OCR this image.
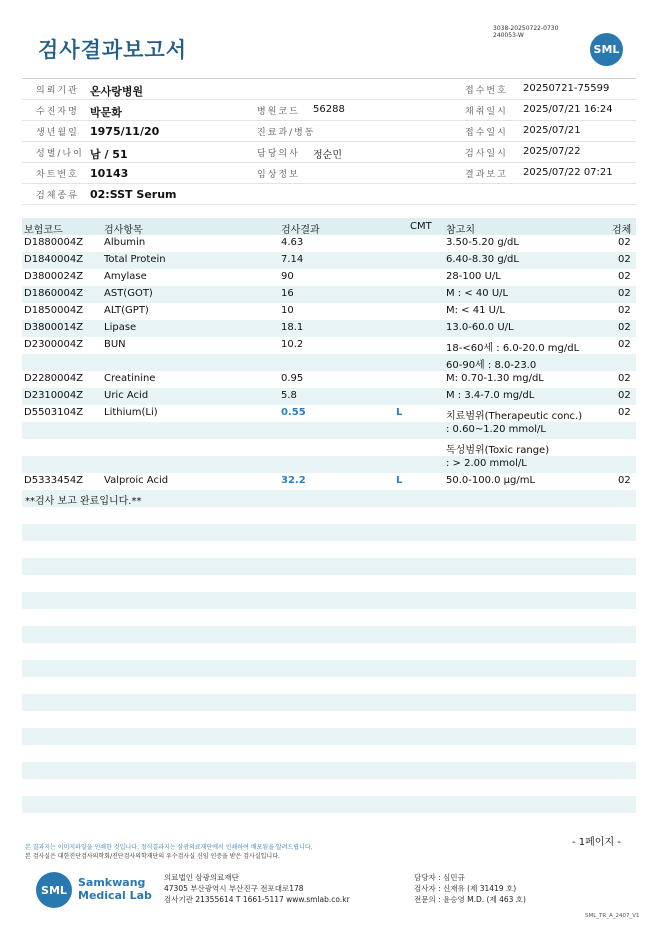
검사결과보고서
3038-20250722-0730
240053-W
SML
의뢰기관 온사랑병원	접수번호 20250721-75599
수진자명 박문화	병원코드 56288	채취일시 2025/07/21 16:24
생년월일 1975/11/20	진료과/병동	접수일시 2025/07/21
성별/나이 남 / 51	담당의사 정순민	검사일시 2025/07/22
차트번호 10143	임상정보	결과보고 2025/07/22 07:21
검체종류 02:SST Serum
보험코드	검사항목	검사결과	CMT 참고치	검체
D1880004Z Albumin	4.63	3.50-5.20 g/dL	02
D1840004Z Total Protein	7.14	6.40-8.30 g/dL	02
D3800024Z Amylase	90	28-100 U/L	02
D1860004Z AST(GOT)	16	M : < 40 U/L	02
D1850004Z ALT(GPT)	10	M: < 41 U/L	02
D3800014Z Lipase	18.1	13.0-60.0 U/L	02
D2300004Z BUN	10.2	18-<60세 : 6.0-20.0 mg/dL	02
60-90세 : 8.0-23.0
D2280004Z Creatinine	0.95	M: 0.70-1.30 mg/dL	02
D2310004Z Uric Acid	5.8	M : 3.4-7.0 mg/dL	02
D5503104Z Lithium(Li)	0.55	L	치료범위(Therapeutic conc.)	02
: 0.60~1.20 mmol/L
독성범위(Toxic range)
: > 2.00 mmol/L
D5333454Z Valproic Acid	32.2	L	50.0-100.0 µg/mL	02
**검사 보고 완료입니다.**
- 1페이지 -
본 결과지는 이미지파일을 인쇄한 것입니다. 정식결과지는 삼광의료재단에서 인쇄하여 배포됨을 알려드립니다.
본 검사실은 대한진단검사의학회/진단검사의학재단의 우수검사실 신임 인증을 받은 검사실입니다.
SML
Samkwang
Medical Lab
의료법인 삼광의료재단
47305 부산광역시 부산진구 전포대로178
검사기관 21355614 T 1661-5117 www.smlab.co.kr
담당자 : 심민규
검사자 : 신재유 (제 31419 호)
전문의 : 윤승영 M.D. (제 463 호)
SML_TR_A_2407_V1
